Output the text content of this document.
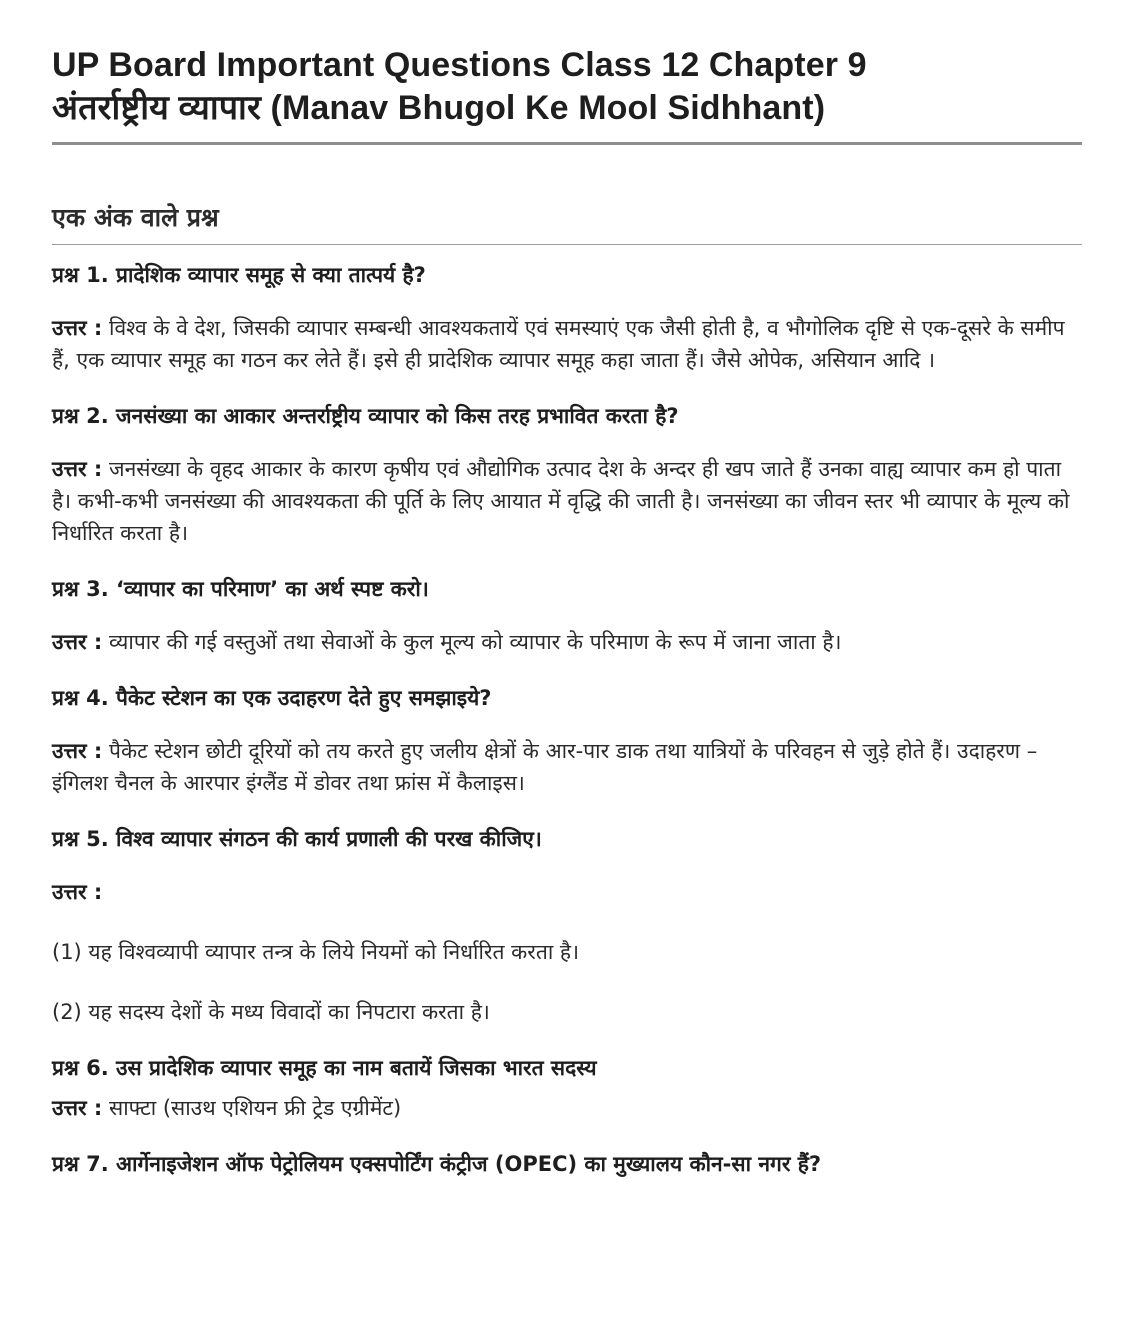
UP Board Important Questions Class 12 Chapter 9
अंतर्राष्ट्रीय व्यापार (Manav Bhugol Ke Mool Sidhhant)
एक अंक वाले प्रश्न

प्रश्न 1. प्रादेशिक व्यापार समूह से क्या तात्पर्य है?

उत्तर : विश्व के वे देश, जिसकी व्यापार सम्बन्धी आवश्यकतायें एवं समस्याएं एक जैसी होती है, व भौगोलिक दृष्टि से एक-दूसरे के समीप हैं, एक व्यापार समूह का गठन कर लेते हैं। इसे ही प्रादेशिक व्यापार समूह कहा जाता हैं। जैसे ओपेक, असियान आदि ।

प्रश्न 2. जनसंख्या का आकार अन्तर्राष्ट्रीय व्यापार को किस तरह प्रभावित करता है?

उत्तर : जनसंख्या के वृहद आकार के कारण कृषीय एवं औद्योगिक उत्पाद देश के अन्दर ही खप जाते हैं उनका वाह्य व्यापार कम हो पाता है। कभी-कभी जनसंख्या की आवश्यकता की पूर्ति के लिए आयात में वृद्धि की जाती है। जनसंख्या का जीवन स्तर भी व्यापार के मूल्य को निर्धारित करता है।

प्रश्न 3. ‘व्यापार का परिमाण’ का अर्थ स्पष्ट करो।

उत्तर : व्यापार की गई वस्तुओं तथा सेवाओं के कुल मूल्य को व्यापार के परिमाण के रूप में जाना जाता है।

प्रश्न 4. पैकेट स्टेशन का एक उदाहरण देते हुए समझाइये?

उत्तर : पैकेट स्टेशन छोटी दूरियों को तय करते हुए जलीय क्षेत्रों के आर-पार डाक तथा यात्रियों के परिवहन से जुड़े होते हैं। उदाहरण –इंगिलश चैनल के आरपार इंग्लैंड में डोवर तथा फ्रांस में कैलाइस।

प्रश्न 5. विश्व व्यापार संगठन की कार्य प्रणाली की परख कीजिए।

उत्तर :

(1) यह विश्वव्यापी व्यापार तन्त्र के लिये नियमों को निर्धारित करता है।

(2) यह सदस्य देशों के मध्य विवादों का निपटारा करता है।

प्रश्न 6. उस प्रादेशिक व्यापार समूह का नाम बतायें जिसका भारत सदस्य

उत्तर : साफ्टा (साउथ एशियन फ्री ट्रेड एग्रीमेंट)

प्रश्न 7. आर्गेनाइजेशन ऑफ पेट्रोलियम एक्सपोर्टिंग कंट्रीज (OPEC) का मुख्यालय कौन-सा नगर हैं?
